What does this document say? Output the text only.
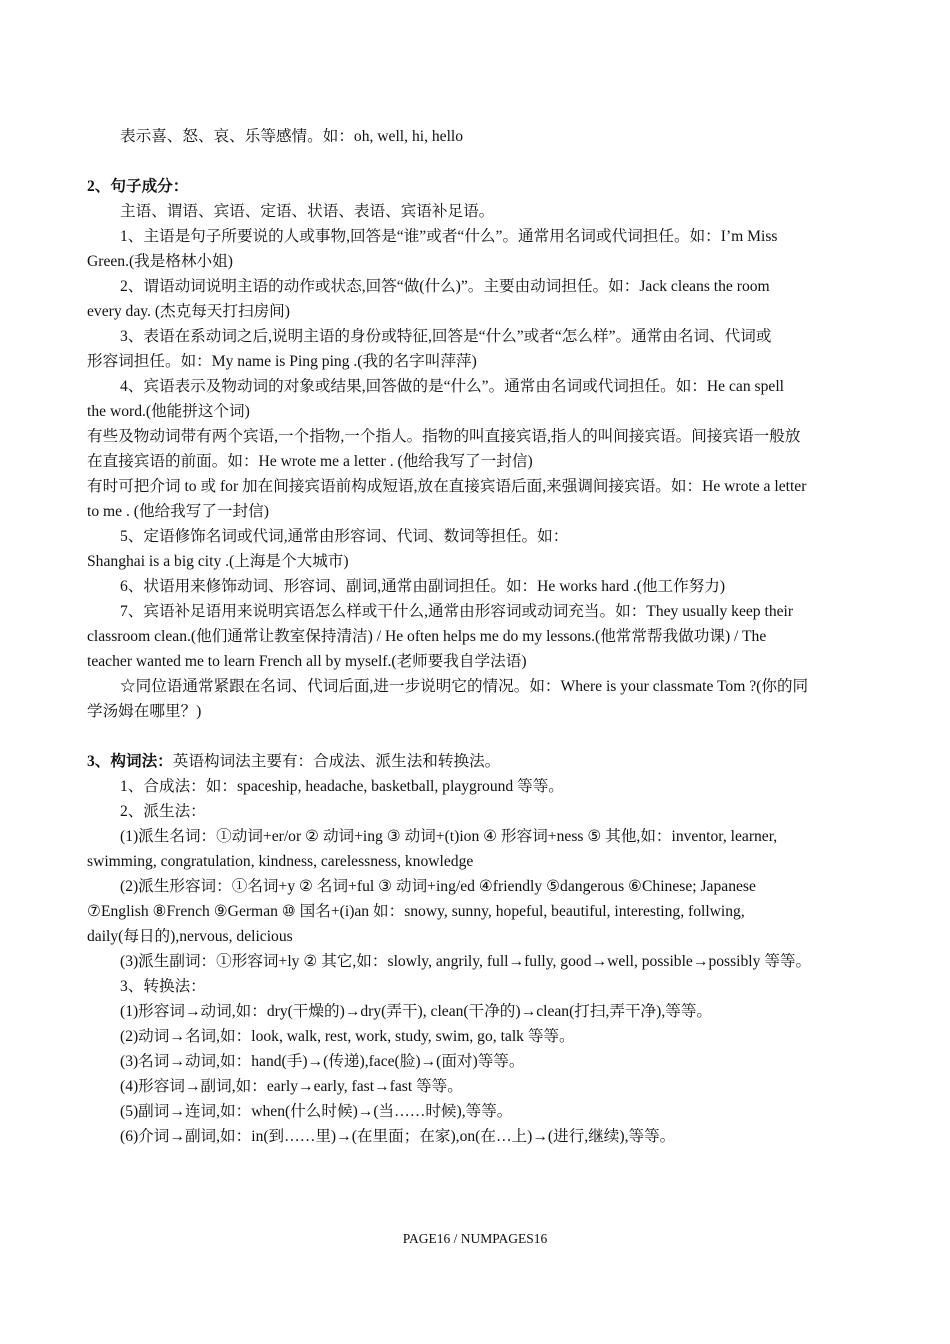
表示喜、怒、哀、乐等感情。如：oh, well, hi, hello
2、句子成分：
主语、谓语、宾语、定语、状语、表语、宾语补足语。
1、主语是句子所要说的人或事物,回答是“谁”或者“什么”。通常用名词或代词担任。如：I’m Miss
Green.(我是格林小姐)
2、谓语动词说明主语的动作或状态,回答“做(什么)”。主要由动词担任。如：Jack cleans the room
every day. (杰克每天打扫房间)
3、表语在系动词之后,说明主语的身份或特征,回答是“什么”或者“怎么样”。通常由名词、代词或
形容词担任。如：My name is Ping ping .(我的名字叫萍萍)
4、宾语表示及物动词的对象或结果,回答做的是“什么”。通常由名词或代词担任。如：He can spell
the word.(他能拼这个词)
有些及物动词带有两个宾语,一个指物,一个指人。指物的叫直接宾语,指人的叫间接宾语。间接宾语一般放
在直接宾语的前面。如：He wrote me a letter . (他给我写了一封信)
有时可把介词 to 或 for 加在间接宾语前构成短语,放在直接宾语后面,来强调间接宾语。如：He wrote a letter
to me . (他给我写了一封信)
5、定语修饰名词或代词,通常由形容词、代词、数词等担任。如：
Shanghai is a big city .(上海是个大城市)
6、状语用来修饰动词、形容词、副词,通常由副词担任。如：He works hard .(他工作努力)
7、宾语补足语用来说明宾语怎么样或干什么,通常由形容词或动词充当。如：They usually keep their
classroom clean.(他们通常让教室保持清洁) / He often helps me do my lessons.(他常常帮我做功课) / The
teacher wanted me to learn French all by myself.(老师要我自学法语)
☆同位语通常紧跟在名词、代词后面,进一步说明它的情况。如：Where is your classmate Tom ?(你的同
学汤姆在哪里？)
3、构词法：英语构词法主要有：合成法、派生法和转换法。
1、合成法：如：spaceship, headache, basketball, playground 等等。
2、派生法：
(1)派生名词：①动词+er/or ② 动词+ing ③ 动词+(t)ion ④ 形容词+ness ⑤ 其他,如：inventor, learner,
swimming, congratulation, kindness, carelessness, knowledge
(2)派生形容词：①名词+y ② 名词+ful ③ 动词+ing/ed ④friendly ⑤dangerous ⑥Chinese; Japanese
⑦English ⑧French ⑨German ⑩ 国名+(i)an 如：snowy, sunny, hopeful, beautiful, interesting, follwing,
daily(每日的),nervous, delicious
(3)派生副词：①形容词+ly ② 其它,如：slowly, angrily, full→fully, good→well, possible→possibly 等等。
3、转换法：
(1)形容词→动词,如：dry(干燥的)→dry(弄干), clean(干净的)→clean(打扫,弄干净),等等。
(2)动词→名词,如：look, walk, rest, work, study, swim, go, talk 等等。
(3)名词→动词,如：hand(手)→(传递),face(脸)→(面对)等等。
(4)形容词→副词,如：early→early, fast→fast 等等。
(5)副词→连词,如：when(什么时候)→(当……时候),等等。
(6)介词→副词,如：in(到……里)→(在里面；在家),on(在…上)→(进行,继续),等等。
PAGE16 / NUMPAGES16
